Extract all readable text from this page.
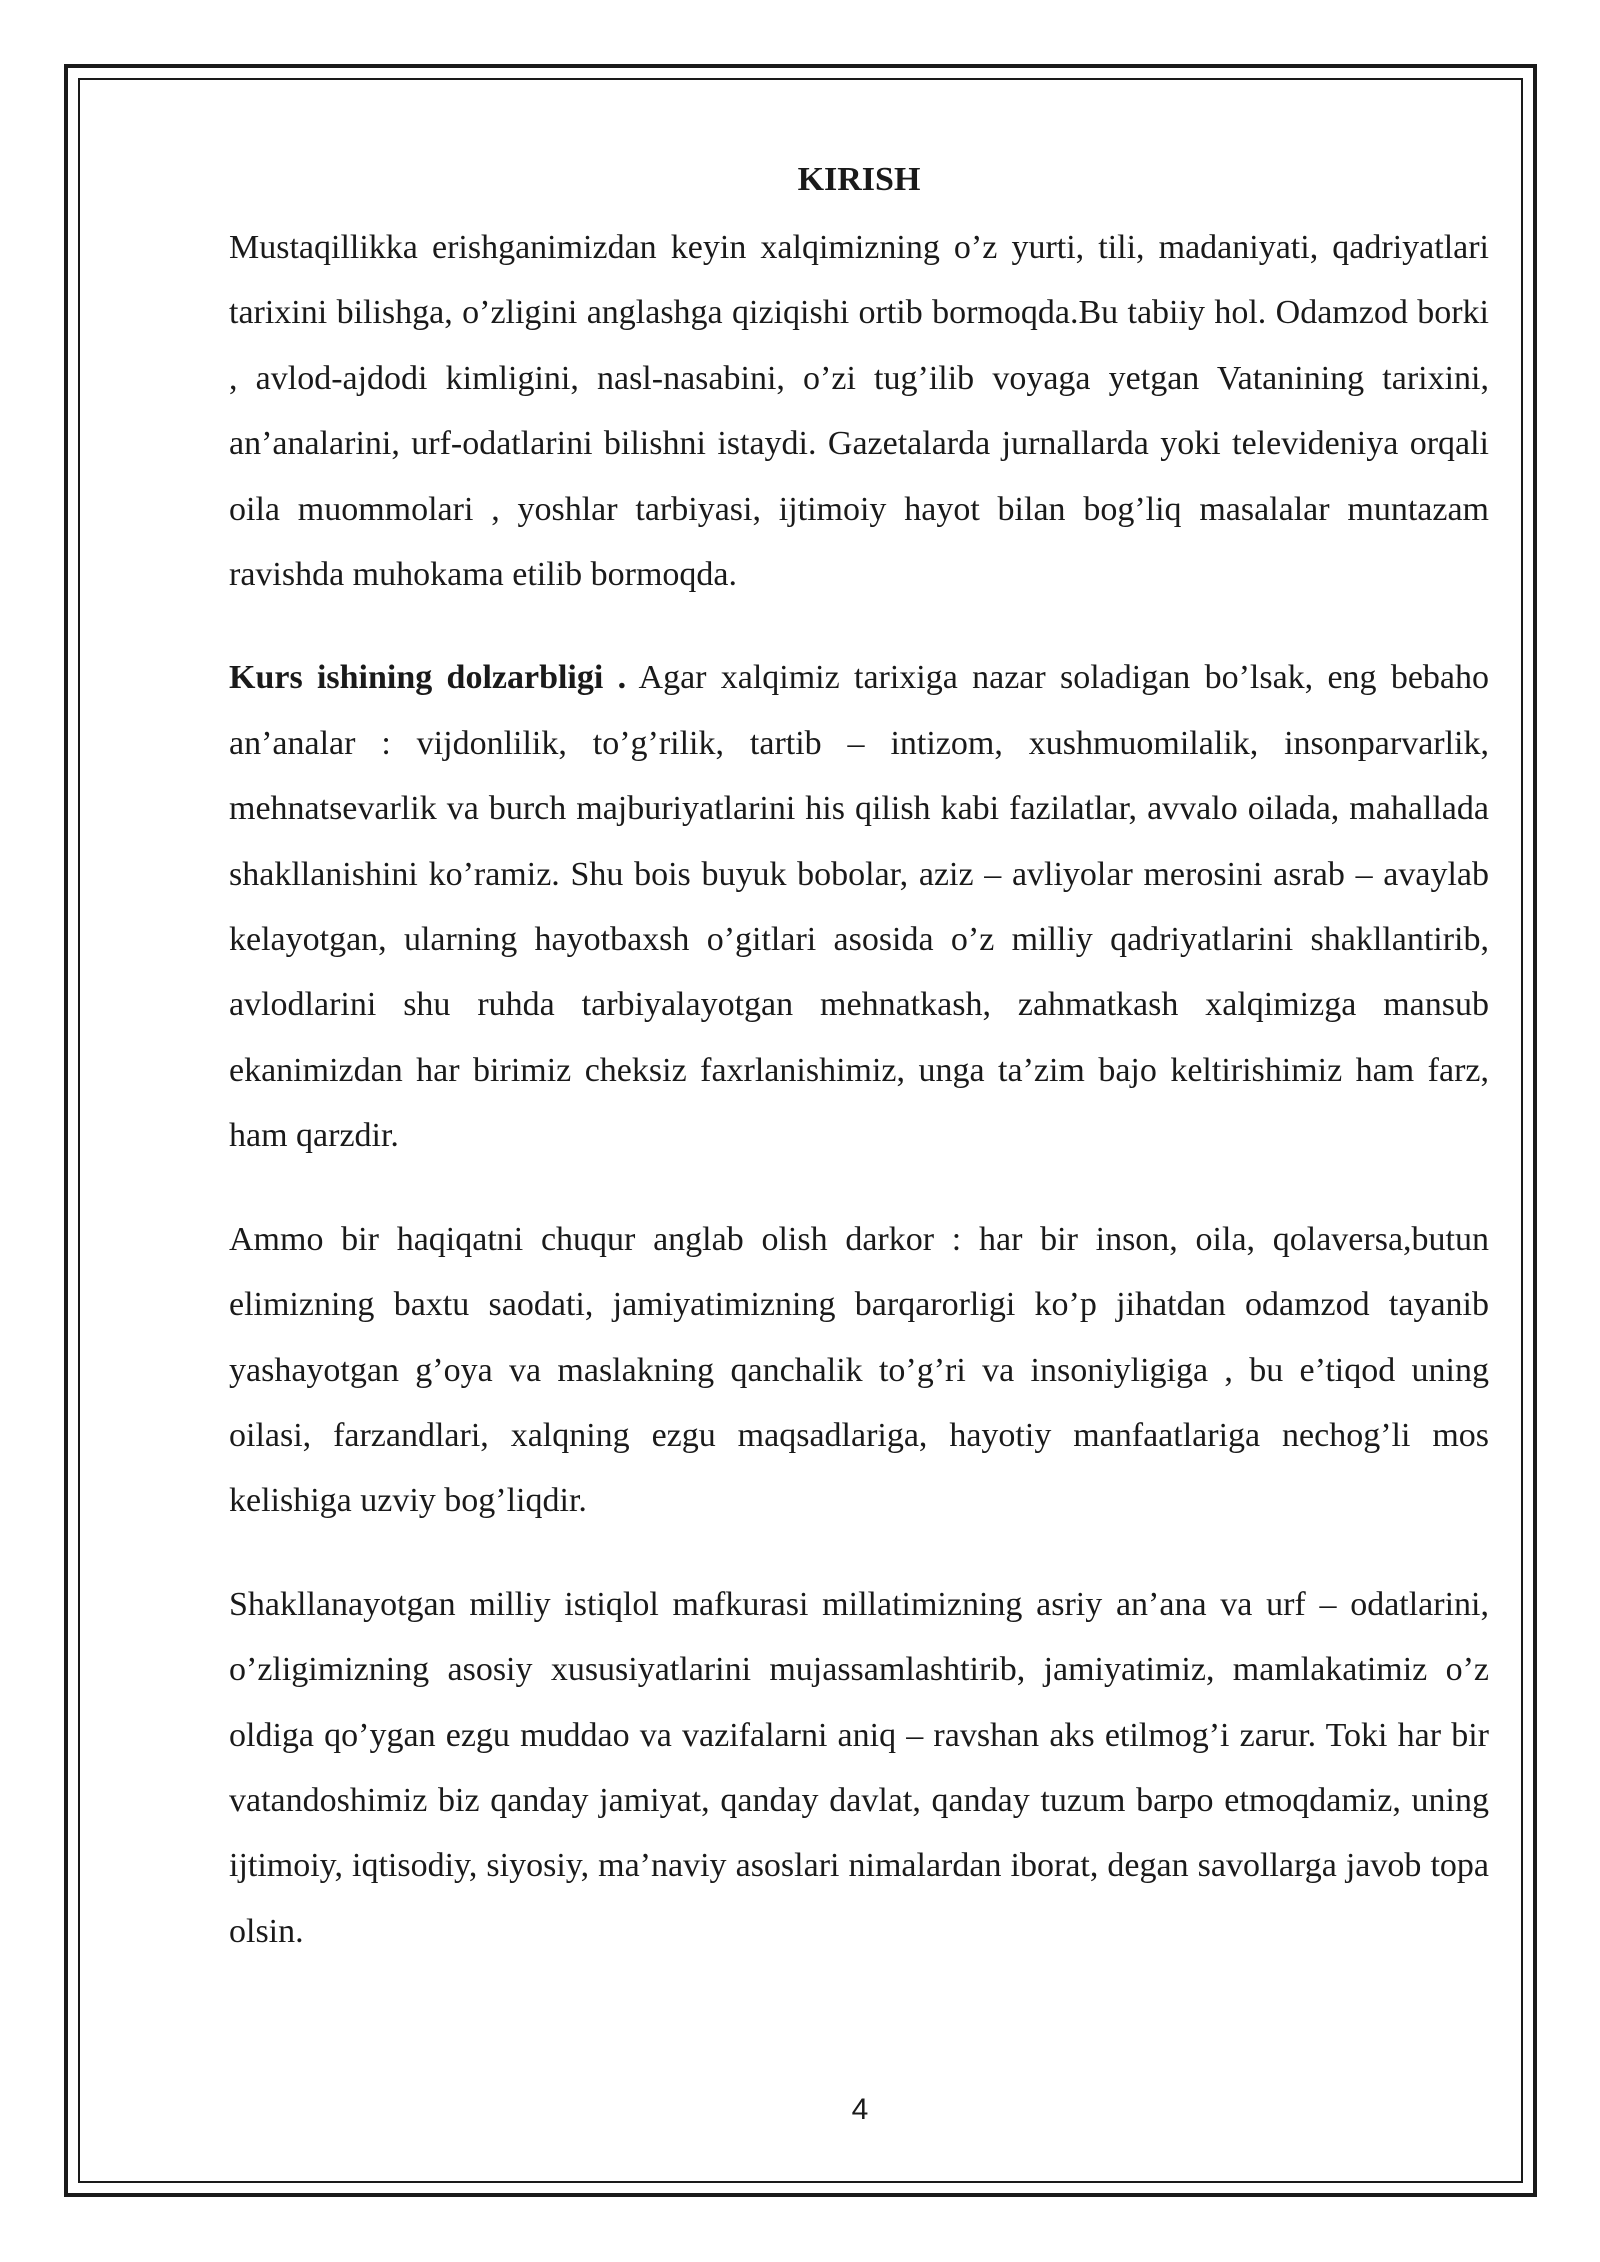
KIRISH

Mustaqillikka erishganimizdan keyin xalqimizning o’z yurti, tili, madaniyati, qadriyatlari tarixini bilishga, o’zligini anglashga qiziqishi ortib bormoqda.Bu tabiiy hol. Odamzod borki , avlod-ajdodi kimligini, nasl-nasabini, o’zi tug’ilib voyaga yetgan Vatanining tarixini, an’analarini, urf-odatlarini bilishni istaydi. Gazetalarda jurnallarda yoki televideniya orqali oila muommolari , yoshlar tarbiyasi, ijtimoiy hayot bilan bog’liq masalalar muntazam ravishda muhokama etilib bormoqda.

Kurs ishining dolzarbligi . Agar xalqimiz tarixiga nazar soladigan bo’lsak, eng bebaho an’analar : vijdonlilik, to’g’rilik, tartib – intizom, xushmuomilalik, insonparvarlik, mehnatsevarlik va burch majburiyatlarini his qilish kabi fazilatlar, avvalo oilada, mahallada shakllanishini ko’ramiz. Shu bois buyuk bobolar, aziz – avliyolar merosini asrab – avaylab kelayotgan, ularning hayotbaxsh o’gitlari asosida o’z milliy qadriyatlarini shakllantirib, avlodlarini shu ruhda tarbiyalayotgan mehnatkash, zahmatkash xalqimizga mansub ekanimizdan har birimiz cheksiz faxrlanishimiz, unga ta’zim bajo keltirishimiz ham farz, ham qarzdir.

Ammo bir haqiqatni chuqur anglab olish darkor : har bir inson, oila, qolaversa,butun elimizning baxtu saodati, jamiyatimizning barqarorligi ko’p jihatdan odamzod tayanib yashayotgan g’oya va maslakning qanchalik to’g’ri va insoniyligiga , bu e’tiqod uning oilasi, farzandlari, xalqning ezgu maqsadlariga, hayotiy manfaatlariga nechog’li mos kelishiga uzviy bog’liqdir.

Shakllanayotgan milliy istiqlol mafkurasi millatimizning asriy an’ana va urf – odatlarini, o’zligimizning asosiy xususiyatlarini mujassamlashtirib, jamiyatimiz, mamlakatimiz o’z oldiga qo’ygan ezgu muddao va vazifalarni aniq – ravshan aks etilmog’i zarur. Toki har bir vatandoshimiz biz qanday jamiyat, qanday davlat, qanday tuzum barpo etmoqdamiz, uning ijtimoiy, iqtisodiy, siyosiy, ma’naviy asoslari nimalardan iborat, degan savollarga javob topa olsin.

4
